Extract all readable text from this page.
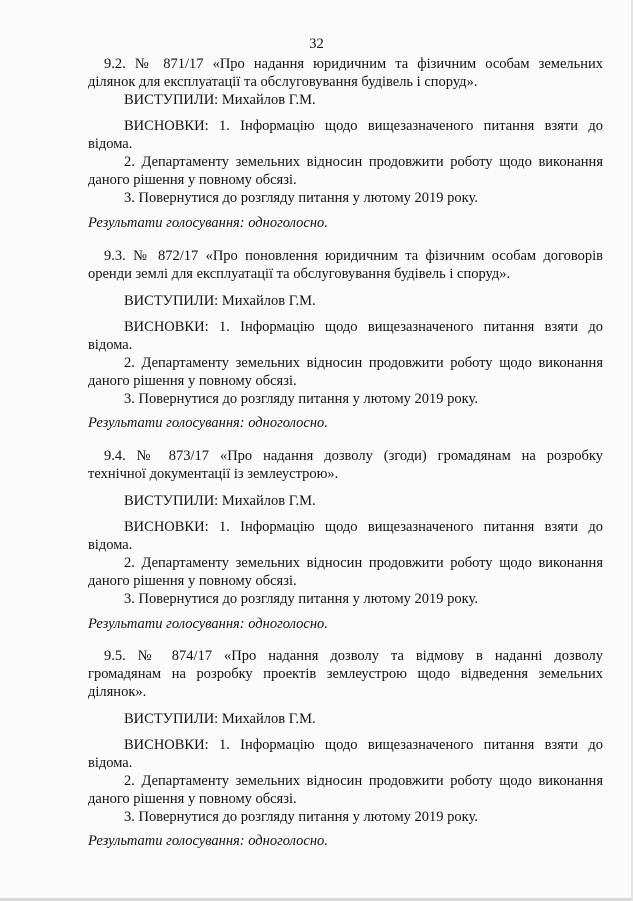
32
9.2. № 871/17 «Про надання юридичним та фізичним особам земельних
ділянок для експлуатації та обслуговування будівель і споруд».
ВИСТУПИЛИ: Михайлов Г.М.
ВИСНОВКИ: 1. Інформацію щодо вищезазначеного питання взяти до
відома.
2. Департаменту земельних відносин продовжити роботу щодо виконання
даного рішення у повному обсязі.
3. Повернутися до розгляду питання у лютому 2019 року.
Результати голосування: одноголосно.
9.3. № 872/17 «Про поновлення юридичним та фізичним особам договорів
оренди землі для експлуатації та обслуговування будівель і споруд».
ВИСТУПИЛИ: Михайлов Г.М.
ВИСНОВКИ: 1. Інформацію щодо вищезазначеного питання взяти до
відома.
2. Департаменту земельних відносин продовжити роботу щодо виконання
даного рішення у повному обсязі.
3. Повернутися до розгляду питання у лютому 2019 року.
Результати голосування: одноголосно.
9.4. № 873/17 «Про надання дозволу (згоди) громадянам на розробку
технічної документації із землеустрою».
ВИСТУПИЛИ: Михайлов Г.М.
ВИСНОВКИ: 1. Інформацію щодо вищезазначеного питання взяти до
відома.
2. Департаменту земельних відносин продовжити роботу щодо виконання
даного рішення у повному обсязі.
3. Повернутися до розгляду питання у лютому 2019 року.
Результати голосування: одноголосно.
9.5. № 874/17 «Про надання дозволу та відмову в наданні дозволу
громадянам на розробку проектів землеустрою щодо відведення земельних
ділянок».
ВИСТУПИЛИ: Михайлов Г.М.
ВИСНОВКИ: 1. Інформацію щодо вищезазначеного питання взяти до
відома.
2. Департаменту земельних відносин продовжити роботу щодо виконання
даного рішення у повному обсязі.
3. Повернутися до розгляду питання у лютому 2019 року.
Результати голосування: одноголосно.
